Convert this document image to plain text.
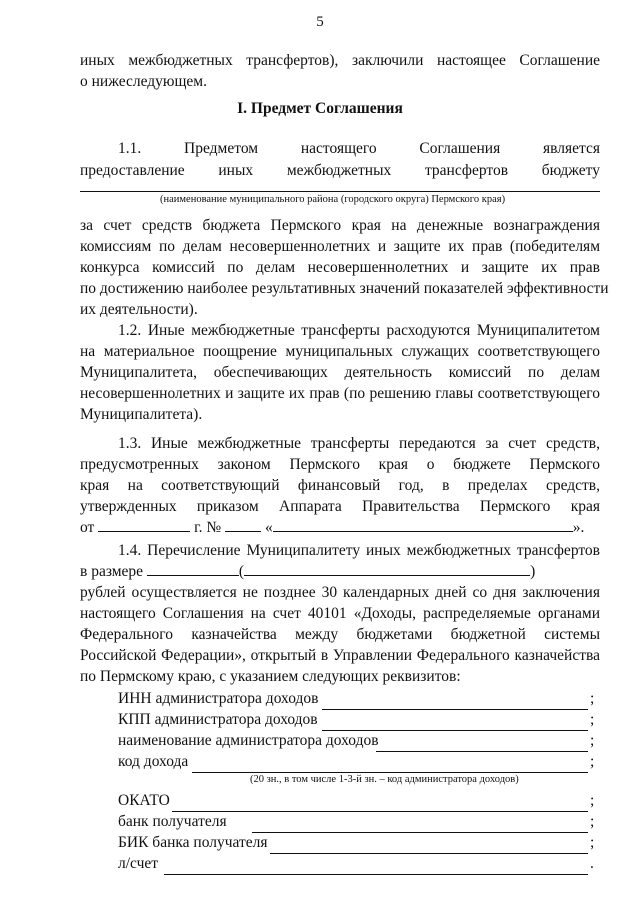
5
иных межбюджетных трансфертов), заключили настоящее Соглашение
о нижеследующем.
I. Предмет Соглашения
1.1. Предметом настоящего Соглашения является
предоставление иных межбюджетных трансфертов бюджету
(наименование муниципального района (городского округа) Пермского края)
за счет средств бюджета Пермского края на денежные вознаграждения
комиссиям по делам несовершеннолетних и защите их прав (победителям
конкурса комиссий по делам несовершеннолетних и защите их прав
по достижению наиболее результативных значений показателей эффективности
их деятельности).
1.2. Иные межбюджетные трансферты расходуются Муниципалитетом
на материальное поощрение муниципальных служащих соответствующего
Муниципалитета, обеспечивающих деятельность комиссий по делам
несовершеннолетних и защите их прав (по решению главы соответствующего
Муниципалитета).
1.3. Иные межбюджетные трансферты передаются за счет средств,
предусмотренных законом Пермского края о бюджете Пермского
края на соответствующий финансовый год, в пределах средств,
утвержденных приказом Аппарата Правительства Пермского края
от	г. №	«	».
1.4. Перечисление Муниципалитету иных межбюджетных трансфертов
в размере	(	)
рублей осуществляется не позднее 30 календарных дней со дня заключения
настоящего Соглашения на счет 40101 «Доходы, распределяемые органами
Федерального казначейства между бюджетами бюджетной системы
Российской Федерации», открытый в Управлении Федерального казначейства
по Пермскому краю, с указанием следующих реквизитов:
ИНН администратора доходов	;
КПП администратора доходов	;
наименование администратора доходов	;
код дохода	;
(20 зн., в том числе 1-3-й зн. – код администратора доходов)
ОКАТО	;
банк получателя	;
БИК банка получателя	;
л/счет	.
